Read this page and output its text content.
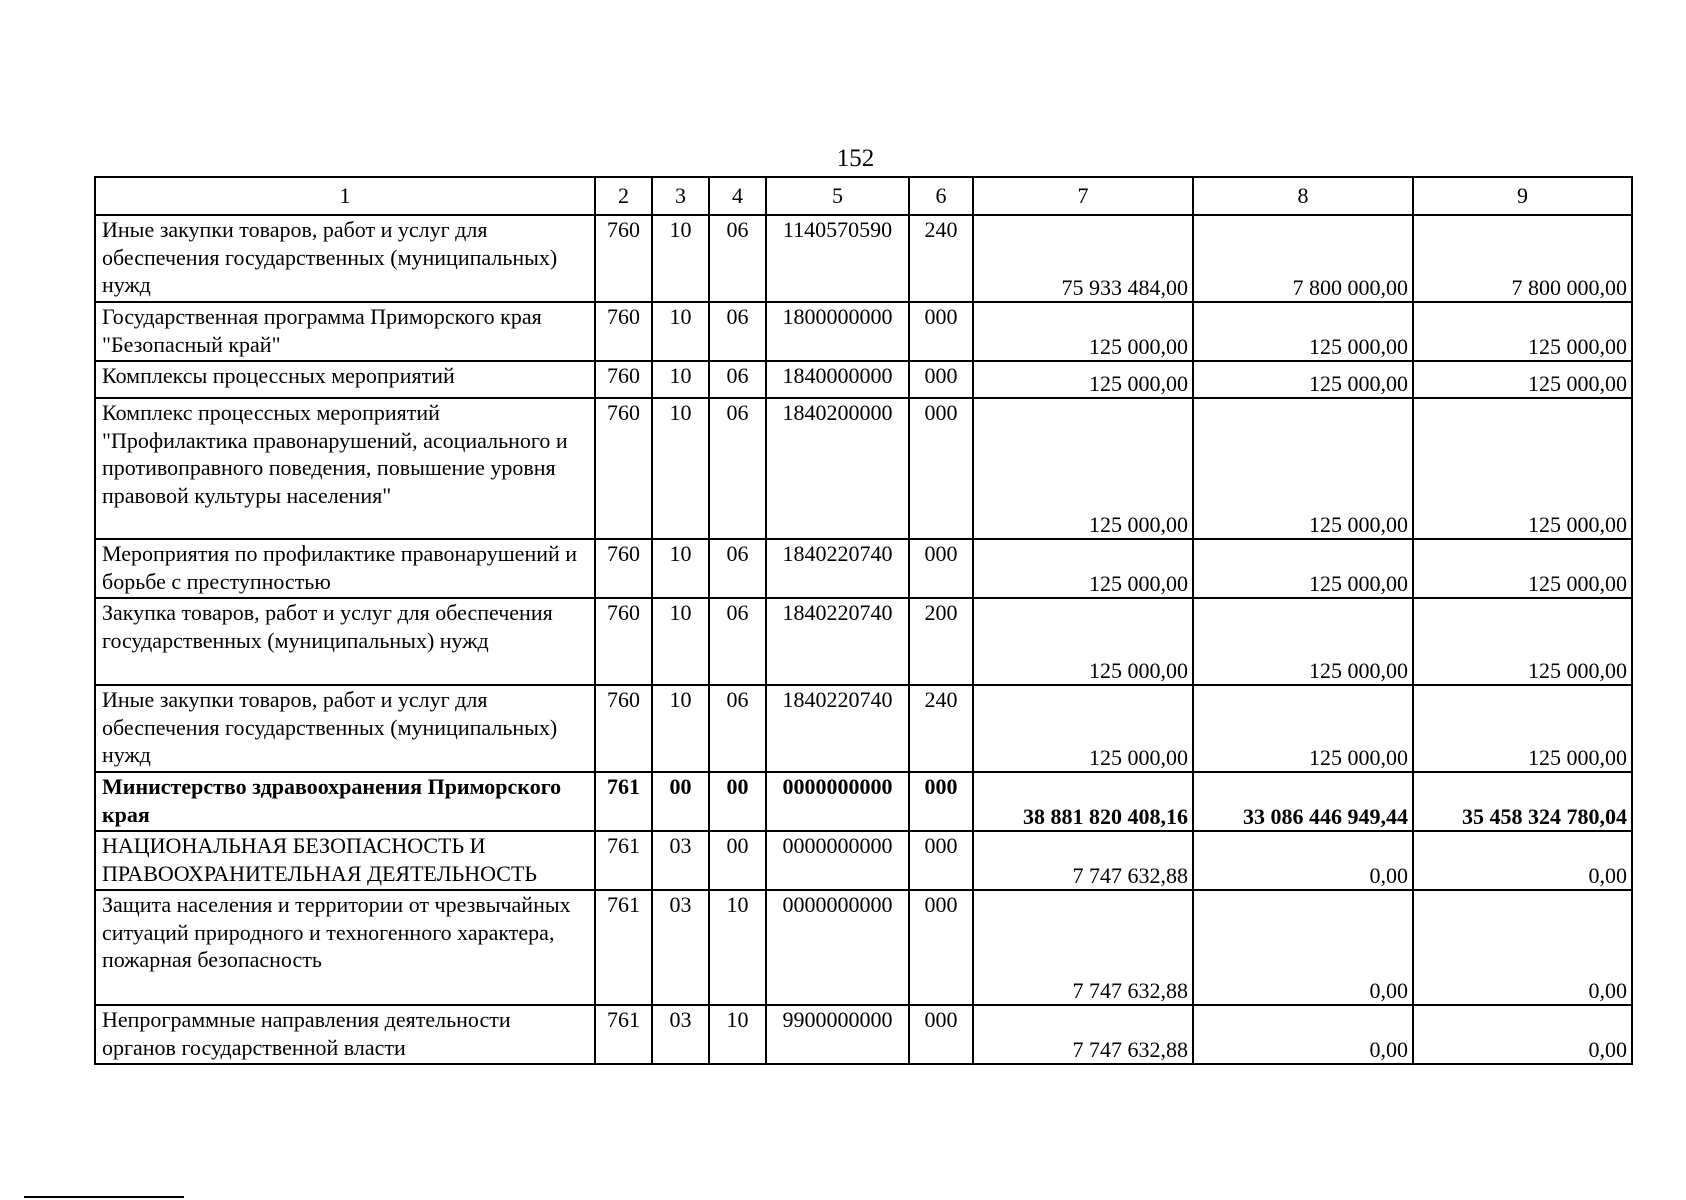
152
1	2	3	4	5	6	7	8	9
Иные закупки товаров, работ и услуг для обеспечения государственных (муниципальных) нужд	760	10	06	1140570590	240	75 933 484,00	7 800 000,00	7 800 000,00
Государственная программа Приморского края "Безопасный край"	760	10	06	1800000000	000	125 000,00	125 000,00	125 000,00
Комплексы процессных мероприятий	760	10	06	1840000000	000	125 000,00	125 000,00	125 000,00
Комплекс процессных мероприятий "Профилактика правонарушений, асоциального и противоправного поведения, повышение уровня правовой культуры населения"	760	10	06	1840200000	000	125 000,00	125 000,00	125 000,00
Мероприятия по профилактике правонарушений и борьбе с преступностью	760	10	06	1840220740	000	125 000,00	125 000,00	125 000,00
Закупка товаров, работ и услуг для обеспечения государственных (муниципальных) нужд	760	10	06	1840220740	200	125 000,00	125 000,00	125 000,00
Иные закупки товаров, работ и услуг для обеспечения государственных (муниципальных) нужд	760	10	06	1840220740	240	125 000,00	125 000,00	125 000,00
Министерство здравоохранения Приморского края	761	00	00	0000000000	000	38 881 820 408,16	33 086 446 949,44	35 458 324 780,04
НАЦИОНАЛЬНАЯ БЕЗОПАСНОСТЬ И ПРАВООХРАНИТЕЛЬНАЯ ДЕЯТЕЛЬНОСТЬ	761	03	00	0000000000	000	7 747 632,88	0,00	0,00
Защита населения и территории от чрезвычайных ситуаций природного и техногенного характера, пожарная безопасность	761	03	10	0000000000	000	7 747 632,88	0,00	0,00
Непрограммные направления деятельности органов государственной власти	761	03	10	9900000000	000	7 747 632,88	0,00	0,00
